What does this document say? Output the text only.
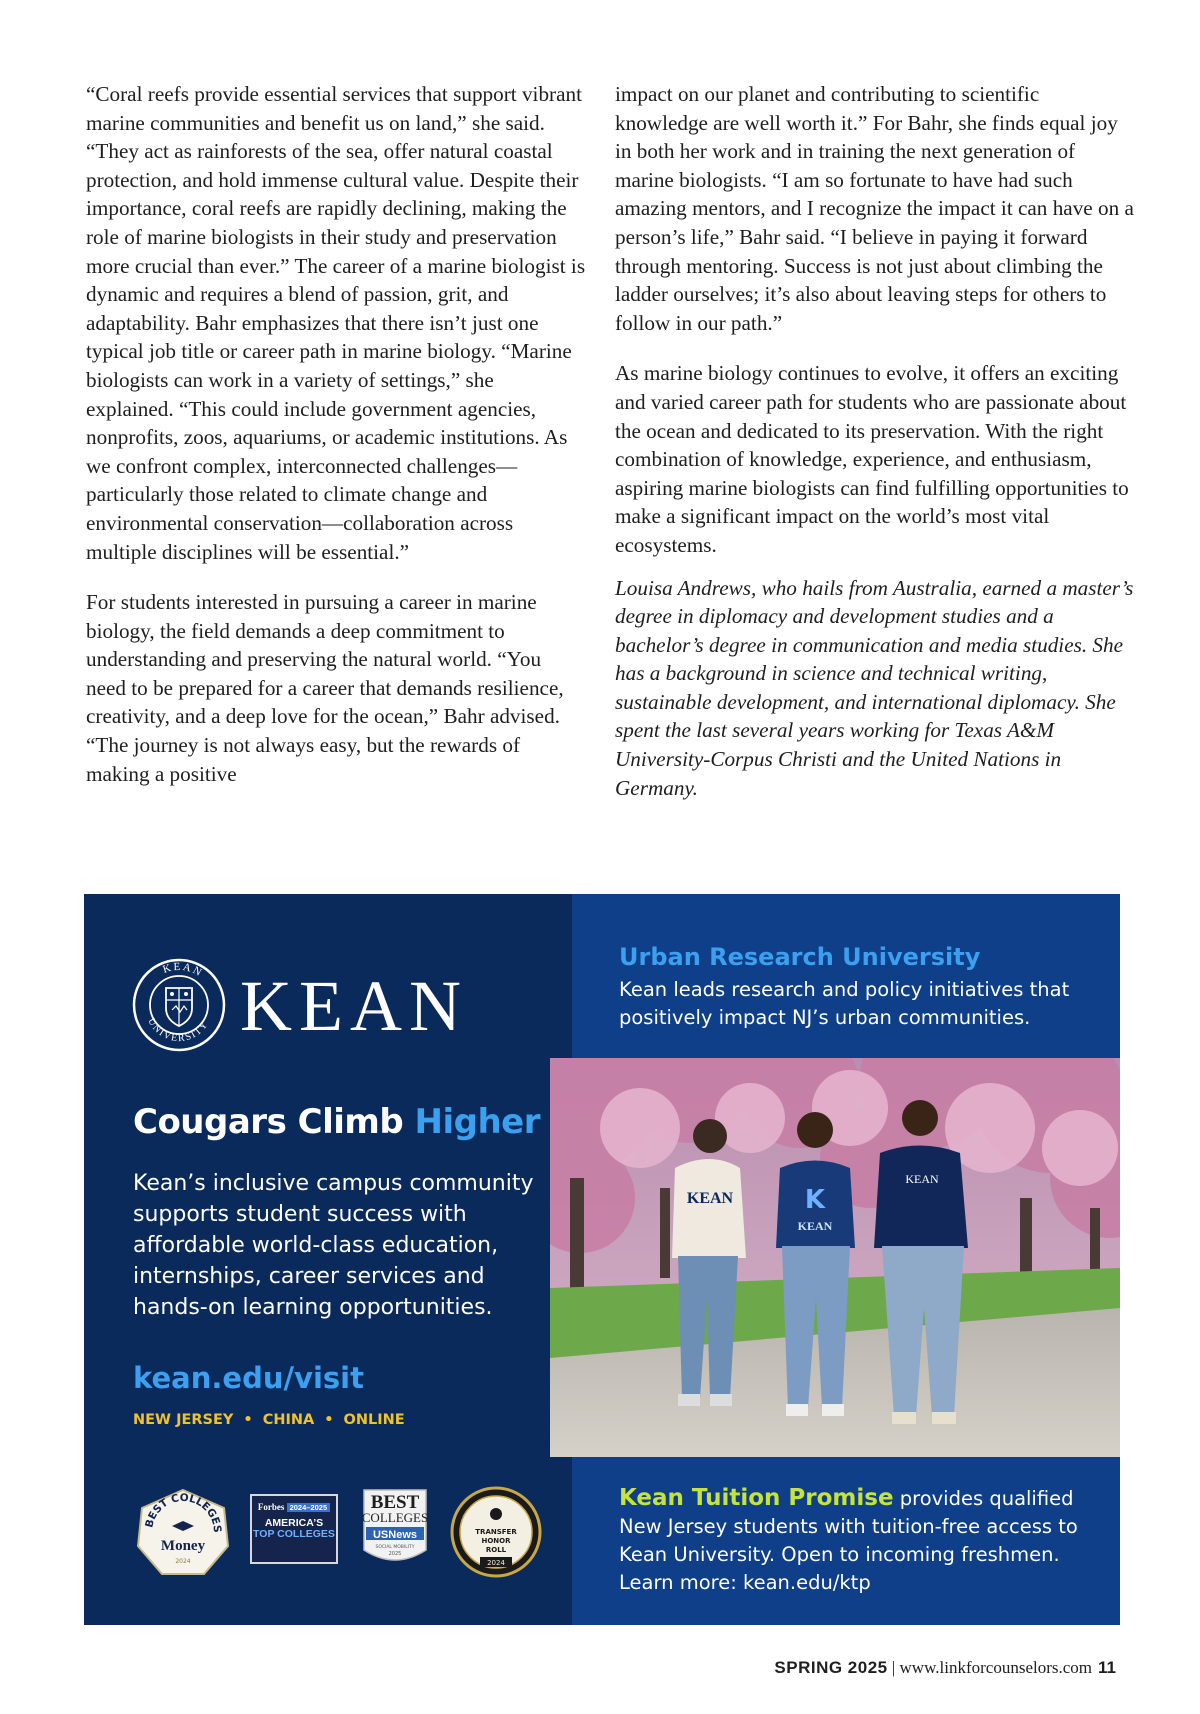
“Coral reefs provide essential services that support vibrant marine communities and benefit us on land,” she said. “They act as rainforests of the sea, offer natural coastal protection, and hold immense cultural value. Despite their importance, coral reefs are rapidly declining, making the role of marine biologists in their study and preservation more crucial than ever.” The career of a marine biologist is dynamic and requires a blend of passion, grit, and adaptability. Bahr emphasizes that there isn’t just one typical job title or career path in marine biology. “Marine biologists can work in a variety of settings,” she explained. “This could include government agencies, nonprofits, zoos, aquariums, or academic institutions. As we confront complex, interconnected challenges—particularly those related to climate change and environmental conservation—collaboration across multiple disciplines will be essential.”

For students interested in pursuing a career in marine biology, the field demands a deep commitment to understanding and preserving the natural world. “You need to be prepared for a career that demands resilience, creativity, and a deep love for the ocean,” Bahr advised. “The journey is not always easy, but the rewards of making a positive

impact on our planet and contributing to scientific knowledge are well worth it.” For Bahr, she finds equal joy in both her work and in training the next generation of marine biologists. “I am so fortunate to have had such amazing mentors, and I recognize the impact it can have on a person’s life,” Bahr said. “I believe in paying it forward through mentoring. Success is not just about climbing the ladder ourselves; it’s also about leaving steps for others to follow in our path.”

As marine biology continues to evolve, it offers an exciting and varied career path for students who are passionate about the ocean and dedicated to its preservation. With the right combination of knowledge, experience, and enthusiasm, aspiring marine biologists can find fulfilling opportunities to make a significant impact on the world’s most vital ecosystems.

Louisa Andrews, who hails from Australia, earned a master’s degree in diplomacy and development studies and a bachelor’s degree in communication and media studies. She has a background in science and technical writing, sustainable development, and international diplomacy. She spent the last several years working for Texas A&M University-Corpus Christi and the United Nations in Germany.

KEAN
UNIVERSITY KEAN
Cougars Climb Higher
Kean’s inclusive campus community supports student success with affordable world-class education, internships, career services and hands-on learning opportunities.
kean.edu/visit
NEW JERSEY • CHINA • ONLINE
BEST COLLEGES
Money
2024
Forbes 2024–2025
AMERICA’S
TOP COLLEGES
BEST
COLLEGES
USNews
SOCIAL MOBILITY
2025
TRANSFER
HONOR
ROLL
2024
Urban Research University
Kean leads research and policy initiatives that positively impact NJ’s urban communities.
KEAN	K
KEAN
KEAN
Kean Tuition Promise provides qualified New Jersey students with tuition-free access to Kean University. Open to incoming freshmen. Learn more: kean.edu/ktp
SPRING 2025 | www.linkforcounselors.com 11
